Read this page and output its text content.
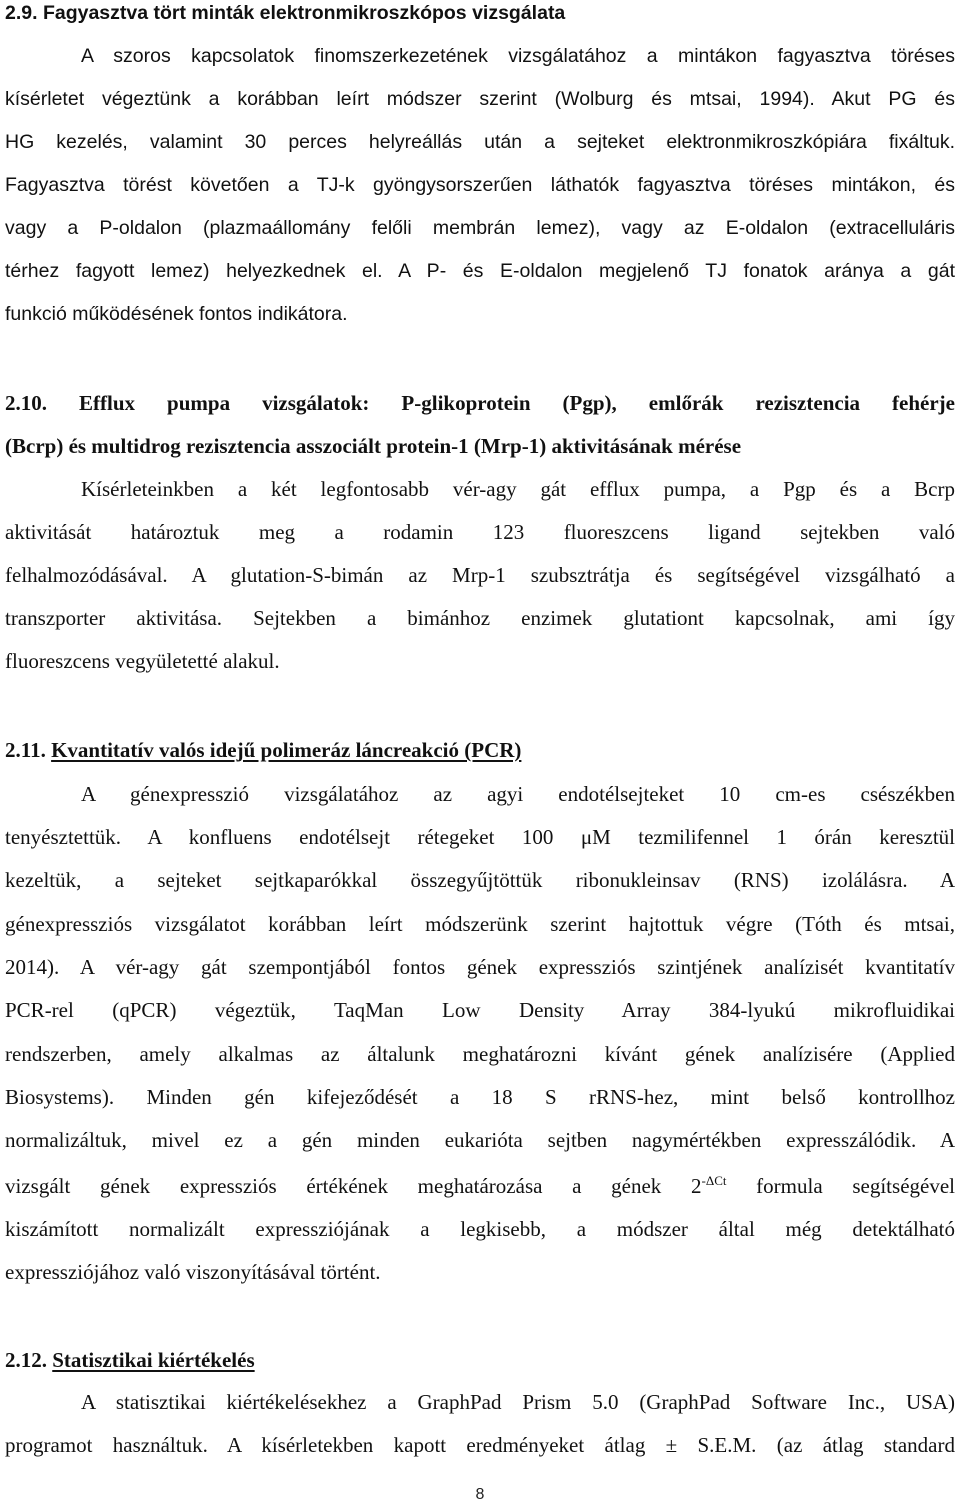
2.9. Fagyasztva tört minták elektronmikroszkópos vizsgálata
A szoros kapcsolatok finomszerkezetének vizsgálatához a mintákon fagyasztva töréses
kísérletet végeztünk a korábban leírt módszer szerint (Wolburg és mtsai, 1994). Akut PG és
HG kezelés, valamint 30 perces helyreállás után a sejteket elektronmikroszkópiára fixáltuk.
Fagyasztva törést követően a TJ-k gyöngysorszerűen láthatók fagyasztva töréses mintákon, és
vagy a P-oldalon (plazmaállomány felőli membrán lemez), vagy az E-oldalon (extracelluláris
térhez fagyott lemez) helyezkednek el. A P- és E-oldalon megjelenő TJ fonatok aránya a gát
funkció működésének fontos indikátora.
2.10. Efflux pumpa vizsgálatok: P-glikoprotein (Pgp), emlőrák rezisztencia fehérje
(Bcrp) és multidrog rezisztencia asszociált protein-1 (Mrp-1) aktivitásának mérése
Kísérleteinkben a két legfontosabb vér-agy gát efflux pumpa, a Pgp és a Bcrp
aktivitását határoztuk meg a rodamin 123 fluoreszcens ligand sejtekben való
felhalmozódásával. A glutation-S-bimán az Mrp-1 szubsztrátja és segítségével vizsgálható a
transzporter aktivitása. Sejtekben a bimánhoz enzimek glutationt kapcsolnak, ami így
fluoreszcens vegyületetté alakul.
2.11. Kvantitatív valós idejű polimeráz láncreakció (PCR)
A génexpresszió vizsgálatához az agyi endotélsejteket 10 cm-es csészékben
tenyésztettük. A konfluens endotélsejt rétegeket 100 μM tezmilifennel 1 órán keresztül
kezeltük, a sejteket sejtkaparókkal összegyűjtöttük ribonukleinsav (RNS) izolálásra. A
génexpressziós vizsgálatot korábban leírt módszerünk szerint hajtottuk végre (Tóth és mtsai,
2014). A vér-agy gát szempontjából fontos gének expressziós szintjének analízisét kvantitatív
PCR-rel (qPCR) végeztük, TaqMan Low Density Array 384-lyukú mikrofluidikai
rendszerben, amely alkalmas az általunk meghatározni kívánt gének analízisére (Applied
Biosystems). Minden gén kifejeződését a 18 S rRNS-hez, mint belső kontrollhoz
normalizáltuk, mivel ez a gén minden eukarióta sejtben nagymértékben expresszálódik. A
vizsgált gének expressziós értékének meghatározása a gének $2^{-\Delta Ct}$ formula segítségével
kiszámított normalizált expressziójának a legkisebb, a módszer által még detektálható
expressziójához való viszonyításával történt.
2.12. Statisztikai kiértékelés
A statisztikai kiértékelésekhez a GraphPad Prism 5.0 (GraphPad Software Inc., USA)
programot használtuk. A kísérletekben kapott eredményeket átlag ± S.E.M. (az átlag standard
8
